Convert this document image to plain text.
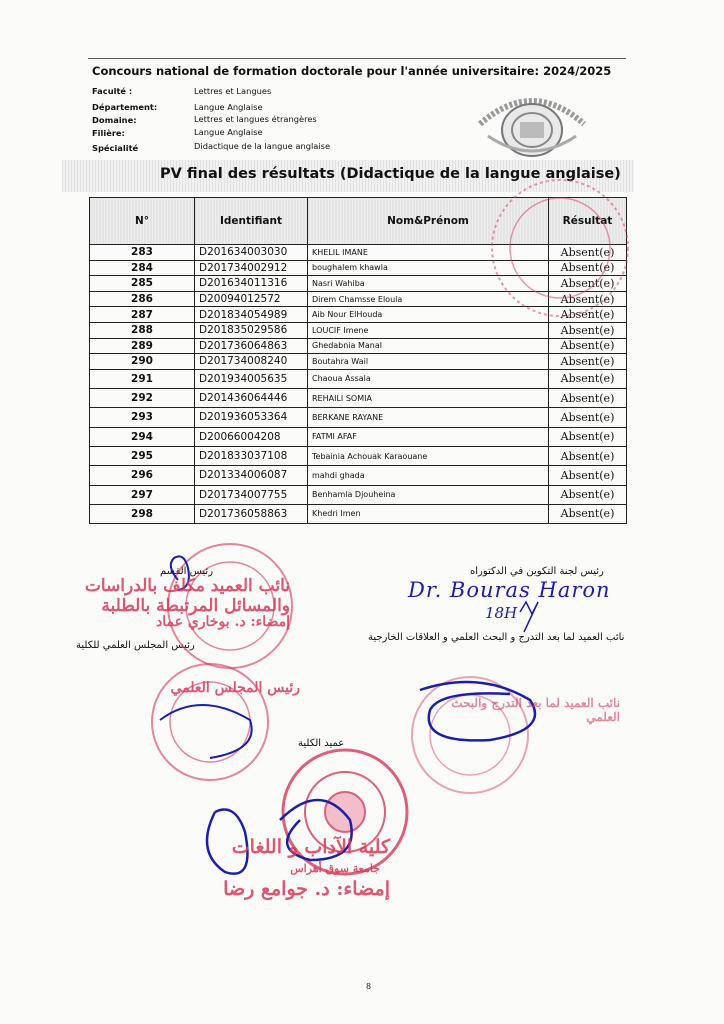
Concours national de formation doctorale pour l'année universitaire: 2024/2025
Faculté :	Lettres et Langues
Département:	Langue Anglaise
Domaine:	Lettres et langues étrangères
Filière:	Langue Anglaise
Spécialité	Didactique de la langue anglaise
PV final des résultats (Didactique de la langue anglaise)
N°	Identifiant	Nom&Prénom	Résultat
283	D201634003030	KHELIL IMANE	Absent(e)
284	D201734002912	boughalem khawla	Absent(e)
285	D201634011316	Nasri Wahiba	Absent(e)
286	D20094012572	Direm Chamsse Eloula	Absent(e)
287	D201834054989	Aib Nour ElHouda	Absent(e)
288	D201835029586	LOUCIF Imene	Absent(e)
289	D201736064863	Ghedabnia Manal	Absent(e)
290	D201734008240	Boutahra Wail	Absent(e)
291	D201934005635	Chaoua Assala	Absent(e)
292	D201436064446	REHAILI SOMIA	Absent(e)
293	D201936053364	BERKANE RAYANE	Absent(e)
294	D20066004208	FATMI AFAF	Absent(e)
295	D201833037108	Tebainia Achouak Karaouane	Absent(e)
296	D201334006087	mahdi ghada	Absent(e)
297	D201734007755	Benhamla Djouheina	Absent(e)
298	D201736058863	Khedri Imen	Absent(e)
رئيس القسم	رئيس لجنة التكوين في الدكتوراه
Dr. Bouras Haron
18H
نائب العميد لما بعد التدرج و البحث العلمي و العلاقات الخارجية
رئيس المجلس العلمي للكلية
عميد الكلية
نائب العميد مكلف بالدراسات والمسائل المرتبطة بالطلبة
إمضاء: د. بوخاري عماد
رئيس المجلس العلمي
كلية الآداب و اللغات
جامعة سوق أهراس
إمضاء: د. جوامع رضا
نائب العميد لما بعد التدرج والبحث العلمي
8
